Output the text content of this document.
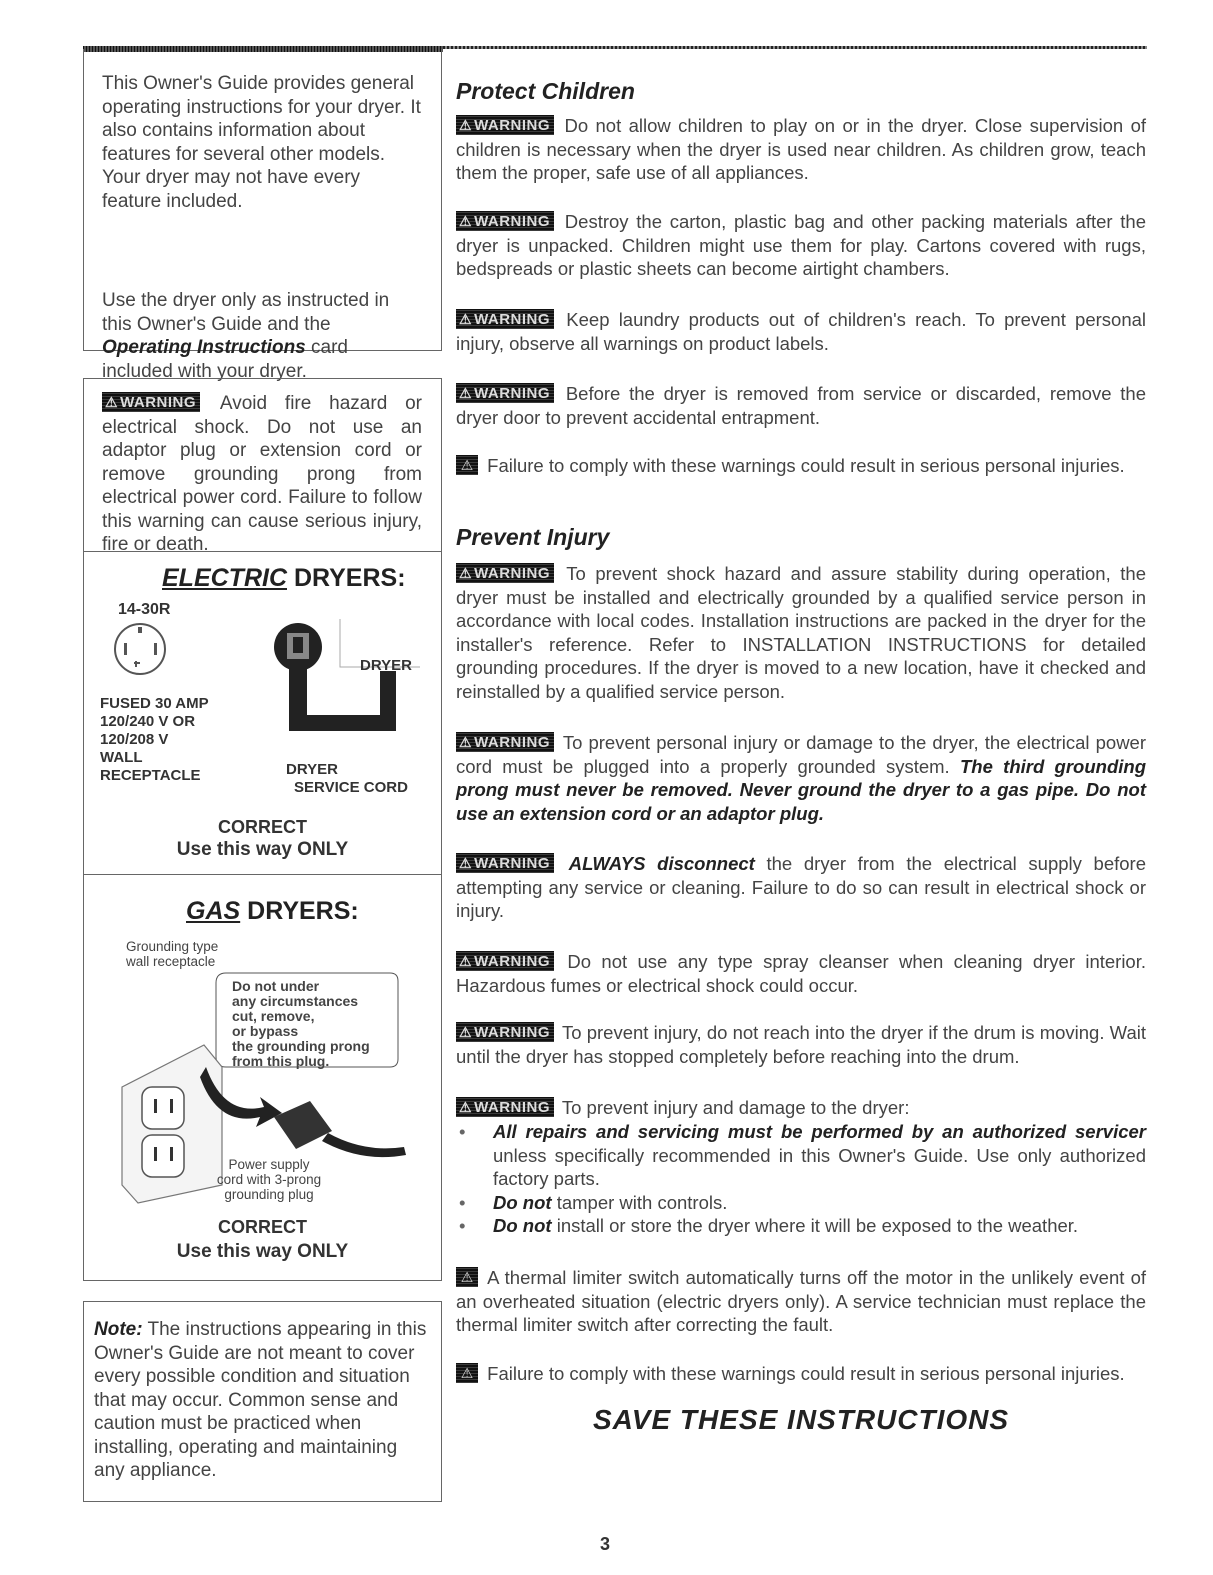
This Owner's Guide provides general operating instructions for your dryer. It also contains information about features for several other models. Your dryer may not have every feature included.

Use the dryer only as instructed in this Owner's Guide and the Operating Instructions card included with your dryer.

⚠ WARNING Avoid fire hazard or electrical shock. Do not use an adaptor plug or extension cord or remove grounding prong from electrical power cord. Failure to follow this warning can cause serious injury, fire or death.

ELECTRIC DRYERS:
14-30R
DRYER
FUSED 30 AMP
120/240 V OR
120/208 V
WALL
RECEPTACLE	DRYER
SERVICE CORD
CORRECT
Use this way ONLY
GAS DRYERS:
Grounding type
wall receptacle
Do not under
any circumstances
cut, remove,
or bypass
the grounding prong
from this plug.
Power supply
cord with 3-prong
grounding plug
CORRECT
Use this way ONLY

Note: The instructions appearing in this Owner's Guide are not meant to cover every possible condition and situation that may occur. Common sense and caution must be practiced when installing, operating and maintaining any appliance.

Protect Children

⚠ WARNING Do not allow children to play on or in the dryer. Close supervision of children is necessary when the dryer is used near children. As children grow, teach them the proper, safe use of all appliances.

⚠ WARNING Destroy the carton, plastic bag and other packing materials after the dryer is unpacked. Children might use them for play. Cartons covered with rugs, bedspreads or plastic sheets can become airtight chambers.

⚠ WARNING Keep laundry products out of children's reach. To prevent personal injury, observe all warnings on product labels.

⚠ WARNING Before the dryer is removed from service or discarded, remove the dryer door to prevent accidental entrapment.

⚠ Failure to comply with these warnings could result in serious personal injuries.

Prevent Injury

⚠ WARNING To prevent shock hazard and assure stability during operation, the dryer must be installed and electrically grounded by a qualified service person in accordance with local codes. Installation instructions are packed in the dryer for the installer's reference. Refer to INSTALLATION INSTRUCTIONS for detailed grounding procedures. If the dryer is moved to a new location, have it checked and reinstalled by a qualified service person.

⚠ WARNING To prevent personal injury or damage to the dryer, the electrical power cord must be plugged into a properly grounded system. The third grounding prong must never be removed. Never ground the dryer to a gas pipe. Do not use an extension cord or an adaptor plug.

⚠ WARNING ALWAYS disconnect the dryer from the electrical supply before attempting any service or cleaning. Failure to do so can result in electrical shock or injury.

⚠ WARNING Do not use any type spray cleanser when cleaning dryer interior. Hazardous fumes or electrical shock could occur.

⚠ WARNING To prevent injury, do not reach into the dryer if the drum is moving. Wait until the dryer has stopped completely before reaching into the drum.

⚠ WARNING To prevent injury and damage to the dryer:

• All repairs and servicing must be performed by an authorized servicer unless specifically recommended in this Owner's Guide. Use only authorized factory parts.
• Do not tamper with controls.
• Do not install or store the dryer where it will be exposed to the weather.

⚠ A thermal limiter switch automatically turns off the motor in the unlikely event of an overheated situation (electric dryers only). A service technician must replace the thermal limiter switch after correcting the fault.

⚠ Failure to comply with these warnings could result in serious personal injuries.

SAVE THESE INSTRUCTIONS
3
